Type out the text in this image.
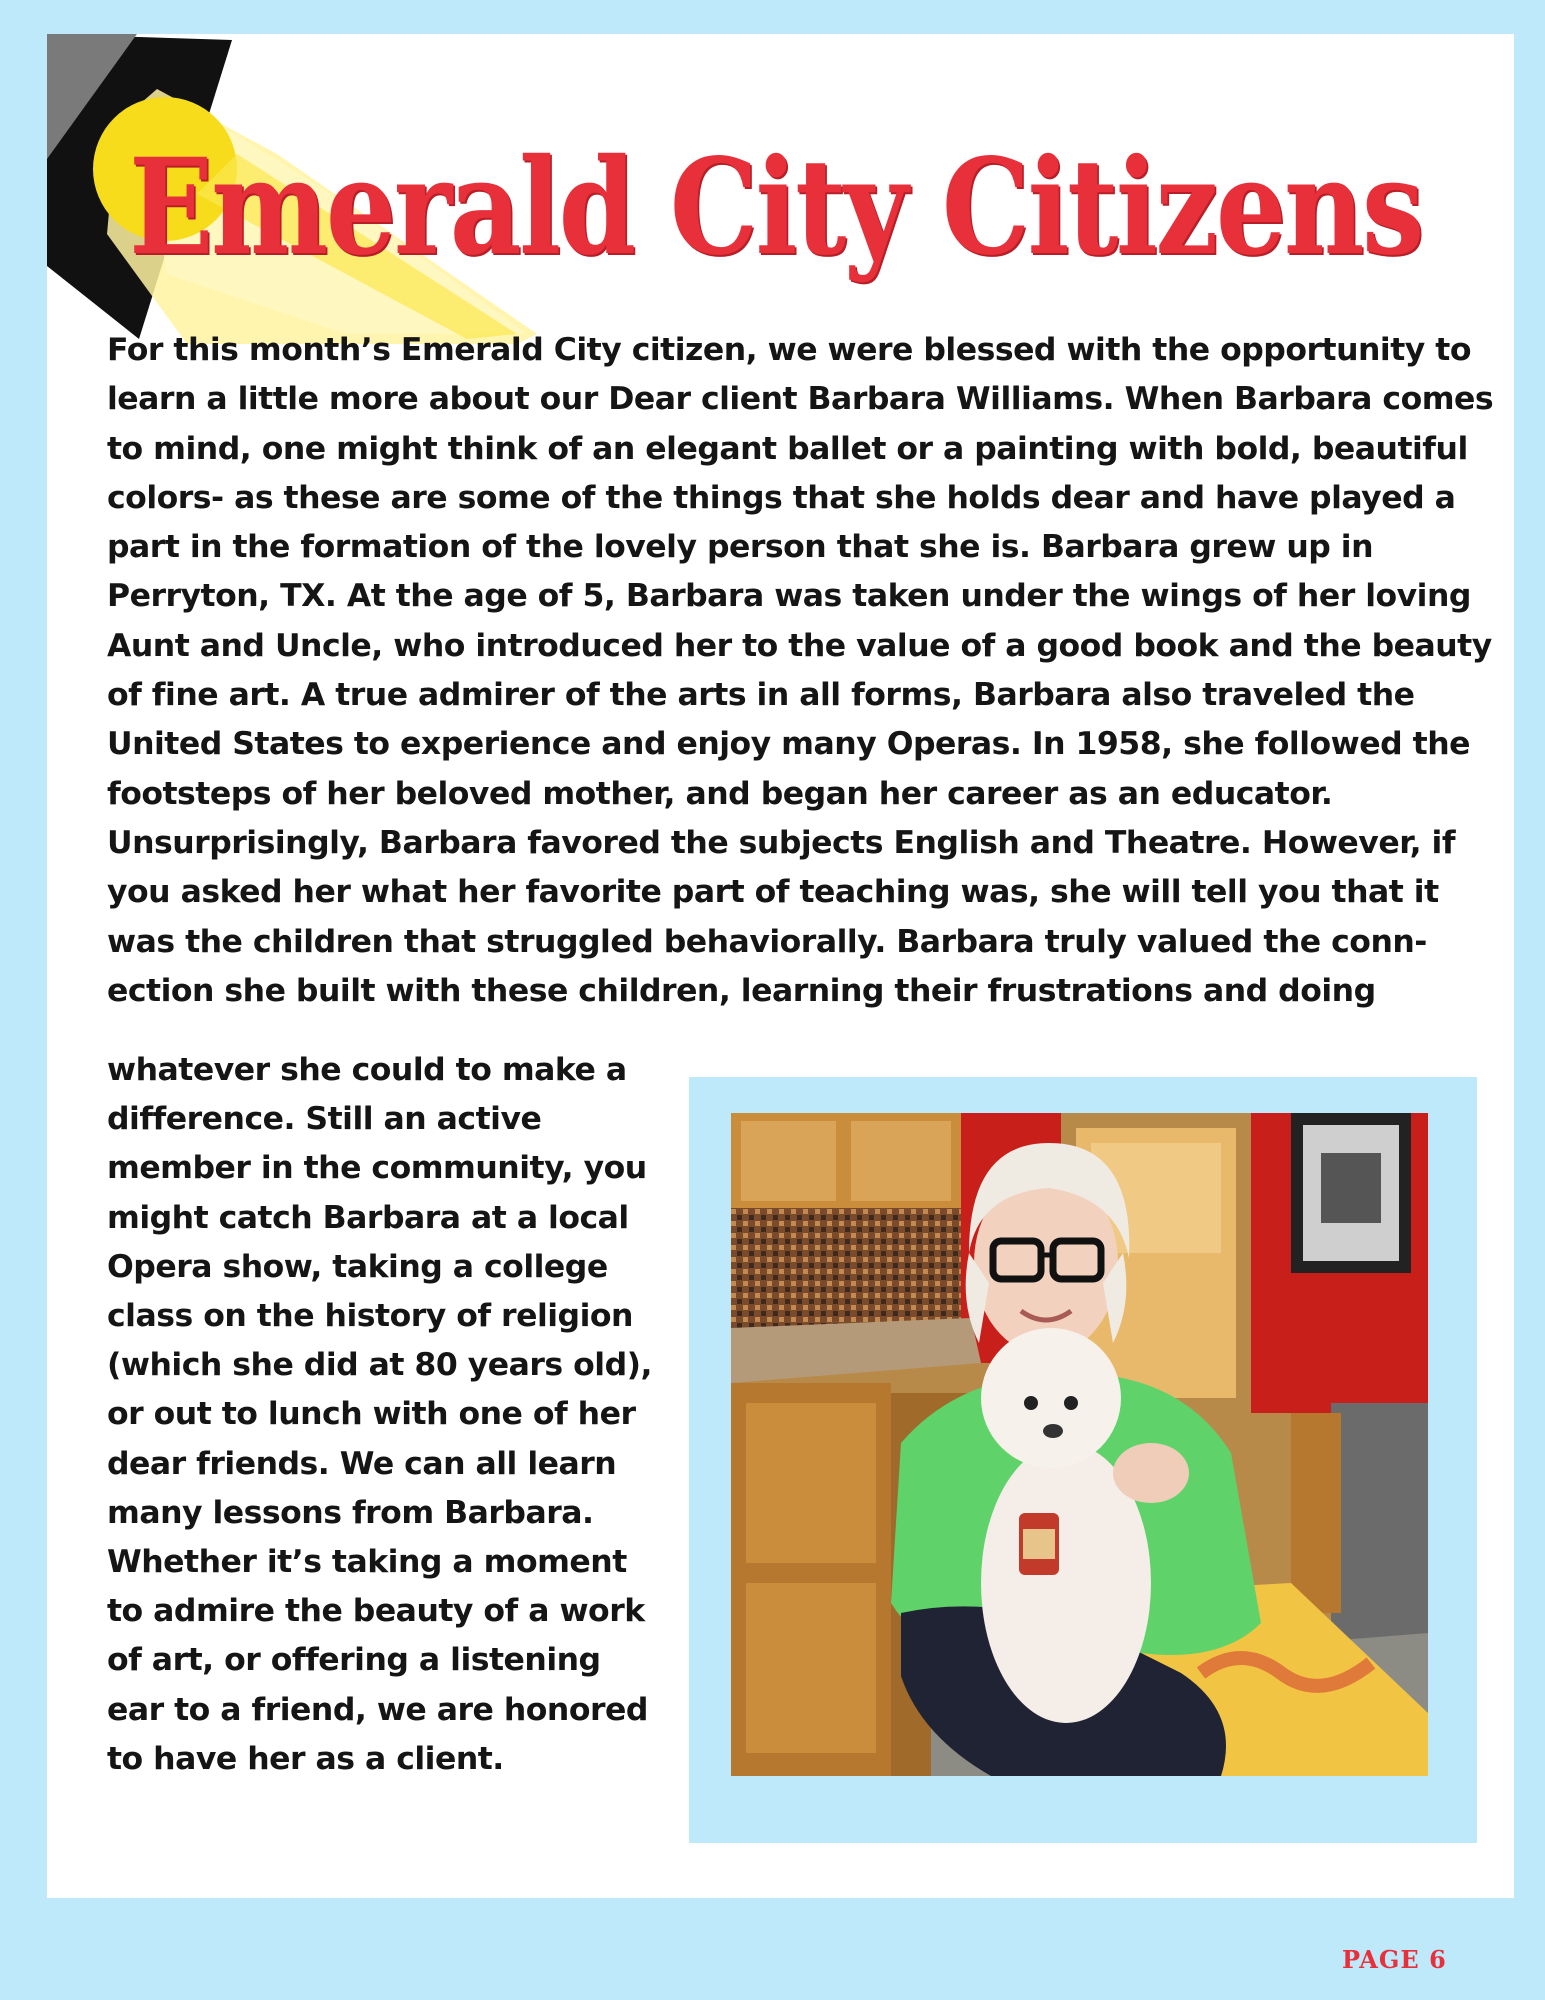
Emerald City Citizens

For this month’s Emerald City citizen, we were blessed with the opportunity to learn a little more about our Dear client Barbara Williams. When Barbara comes to mind, one might think of an elegant ballet or a painting with bold, beautiful colors- as these are some of the things that she holds dear and have played a part in the formation of the lovely person that she is. Barbara grew up in Perryton, TX. At the age of 5, Barbara was taken under the wings of her loving Aunt and Uncle, who introduced her to the value of a good book and the beauty of fine art. A true admirer of the arts in all forms, Barbara also traveled the United States to experience and enjoy many Operas. In 1958, she followed the footsteps of her beloved mother, and began her career as an educator. Unsurprisingly, Barbara favored the subjects English and Theatre. However, if you asked her what her favorite part of teaching was, she will tell you that it was the children that struggled behaviorally. Barbara truly valued the conn-ection she built with these children, learning their frustrations and doing

whatever she could to make a difference. Still an active member in the community, you might catch Barbara at a local Opera show, taking a college class on the history of religion (which she did at 80 years old), or out to lunch with one of her dear friends. We can all learn many lessons from Barbara. Whether it’s taking a moment to admire the beauty of a work of art, or offering a listening ear to a friend, we are honored to have her as a client.

PAGE 6
